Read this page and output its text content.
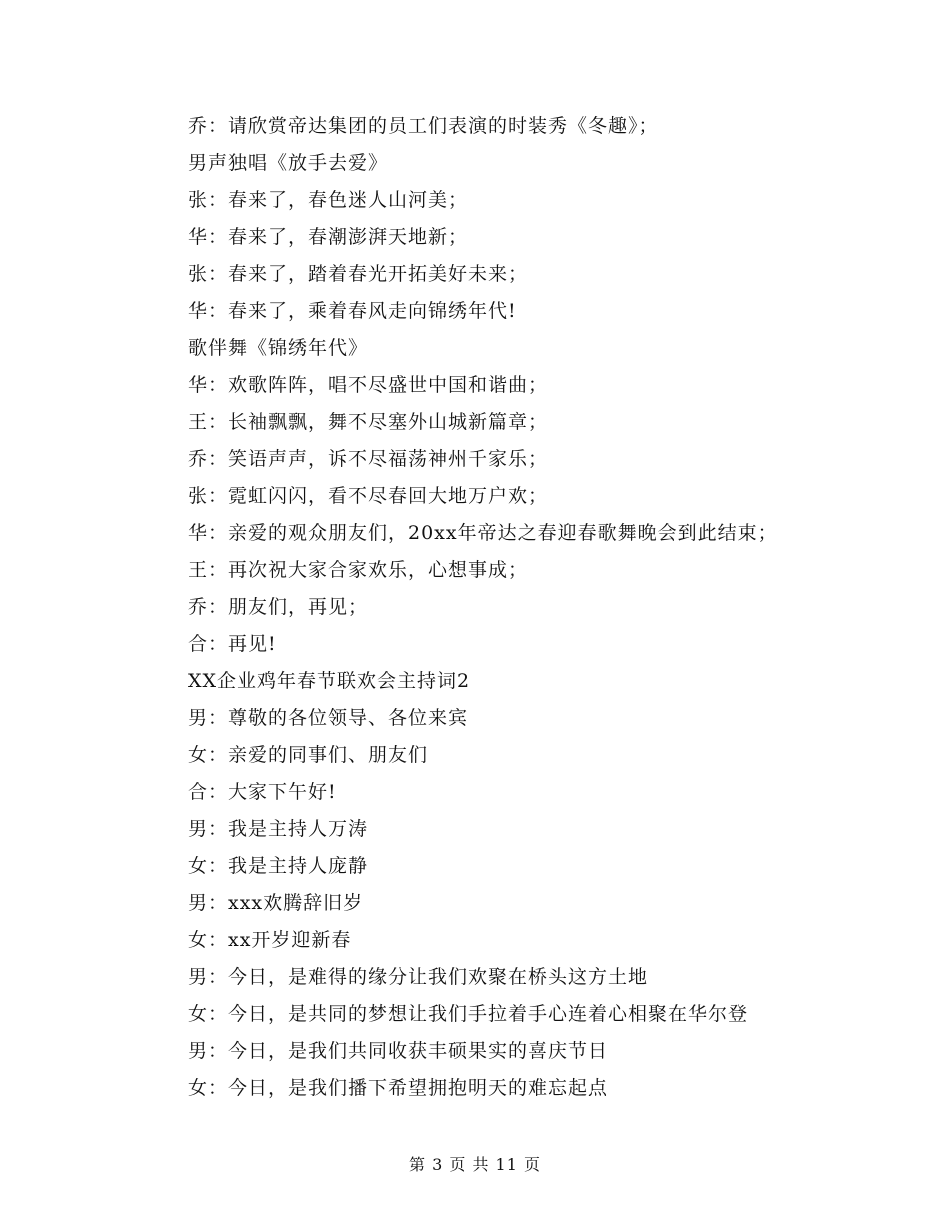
乔：请欣赏帝达集团的员工们表演的时装秀《冬趣》；
男声独唱《放手去爱》
张：春来了，春色迷人山河美；
华：春来了，春潮澎湃天地新；
张：春来了，踏着春光开拓美好未来；
华：春来了，乘着春风走向锦绣年代!
歌伴舞《锦绣年代》
华：欢歌阵阵，唱不尽盛世中国和谐曲；
王：长袖飘飘，舞不尽塞外山城新篇章；
乔：笑语声声，诉不尽福荡神州千家乐；
张：霓虹闪闪，看不尽春回大地万户欢；
华：亲爱的观众朋友们，20xx年帝达之春迎春歌舞晚会到此结束；
王：再次祝大家合家欢乐，心想事成；
乔：朋友们，再见；
合：再见!
XX企业鸡年春节联欢会主持词2
男：尊敬的各位领导、各位来宾
女：亲爱的同事们、朋友们
合：大家下午好!
男：我是主持人万涛
女：我是主持人庞静
男：xxx欢腾辞旧岁
女：xx开岁迎新春
男：今日，是难得的缘分让我们欢聚在桥头这方土地
女：今日，是共同的梦想让我们手拉着手心连着心相聚在华尔登
男：今日，是我们共同收获丰硕果实的喜庆节日
女：今日，是我们播下希望拥抱明天的难忘起点
第 3 页 共 11 页
